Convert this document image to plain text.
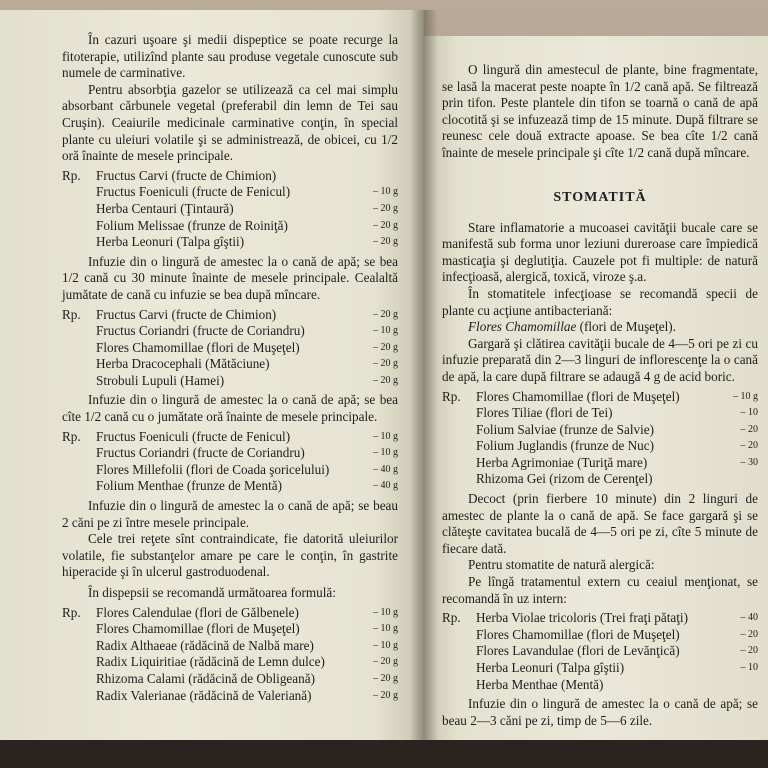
În cazuri uşoare şi medii dispeptice se poate recurge la fitoterapie, utilizînd plante sau produse vegetale cunoscute sub numele de carminative.

Pentru absorbţia gazelor se utilizează ca cel mai simplu absorbant cărbunele vegetal (preferabil din lemn de Tei sau Cruşin). Ceaiurile medicinale carminative conţin, în special plante cu uleiuri volatile şi se administrează, de obicei, cu 1/2 oră înainte de mesele principale.

Rp.	Fructus Carvi (fructe de Chimion)
Fructus Foeniculi (fructe de Fenicul)	– 10 g
Herba Centauri (Ţintaură)	– 20 g
Folium Melissae (frunze de Roiniţă)	– 20 g
Herba Leonuri (Talpa gîştii)	– 20 g

Infuzie din o lingură de amestec la o cană de apă; se bea 1/2 cană cu 30 minute înainte de mesele principale. Cealaltă jumătate de cană cu infuzie se bea după mîncare.

Rp.	Fructus Carvi (fructe de Chimion)	– 20 g
Fructus Coriandri (fructe de Coriandru)	– 10 g
Flores Chamomillae (flori de Muşeţel)	– 20 g
Herba Dracocephali (Mătăciune)	– 20 g
Strobuli Lupuli (Hamei)	– 20 g

Infuzie din o lingură de amestec la o cană de apă; se bea cîte 1/2 cană cu o jumătate oră înainte de mesele principale.

Rp.	Fructus Foeniculi (fructe de Fenicul)	– 10 g
Fructus Coriandri (fructe de Coriandru)	– 10 g
Flores Millefolii (flori de Coada şoricelului)	– 40 g
Folium Menthae (frunze de Mentă)	– 40 g

Infuzie din o lingură de amestec la o cană de apă; se beau 2 căni pe zi între mesele principale.

Cele trei reţete sînt contraindicate, fie datorită uleiurilor volatile, fie substanţelor amare pe care le conţin, în gastrite hiperacide şi în ulcerul gastroduodenal.

În dispepsii se recomandă următoarea formulă:

Rp.	Flores Calendulae (flori de Gălbenele)	– 10 g
Flores Chamomillae (flori de Muşeţel)	– 10 g
Radix Althaeae (rădăcină de Nalbă mare)	– 10 g
Radix Liquiritiae (rădăcină de Lemn dulce)	– 20 g
Rhizoma Calami (rădăcină de Obligeană)	– 20 g
Radix Valerianae (rădăcină de Valeriană)	– 20 g

O lingură din amestecul de plante, bine fragmentate, se lasă la macerat peste noapte în 1/2 cană apă. Se filtrează prin tifon. Peste plantele din tifon se toarnă o cană de apă clocotită şi se infuzează timp de 15 minute. După filtrare se reunesc cele două extracte apoase. Se bea cîte 1/2 cană înainte de mesele principale şi cîte 1/2 cană după mîncare.

STOMATITĂ

Stare inflamatorie a mucoasei cavităţii bucale care se manifestă sub forma unor leziuni dureroase care împiedică masticaţia şi deglutiţia. Cauzele pot fi multiple: de natură infecţioasă, alergică, toxică, viroze ş.a.

În stomatitele infecţioase se recomandă specii de plante cu acţiune antibacteriană:

Flores Chamomillae (flori de Muşeţel).

Gargară şi clătirea cavităţii bucale de 4—5 ori pe zi cu infuzie preparată din 2—3 linguri de inflorescenţe la o cană de apă, la care după filtrare se adaugă 4 g de acid boric.

Rp.	Flores Chamomillae (flori de Muşeţel)	– 10 g
Flores Tiliae (flori de Tei)	– 10
Folium Salviae (frunze de Salvie)	– 20
Folium Juglandis (frunze de Nuc)	– 20
Herba Agrimoniae (Turiţă mare)	– 30
Rhizoma Gei (rizom de Cerenţel)

Decoct (prin fierbere 10 minute) din 2 linguri de amestec de plante la o cană de apă. Se face gargară şi se clăteşte cavitatea bucală de 4—5 ori pe zi, cîte 5 minute de fiecare dată.

Pentru stomatite de natură alergică:

Pe lîngă tratamentul extern cu ceaiul menţionat, se recomandă în uz intern:

Rp.	Herba Violae tricoloris (Trei fraţi pătaţi)	– 40
Flores Chamomillae (flori de Muşeţel)	– 20
Flores Lavandulae (flori de Levănţică)	– 20
Herba Leonuri (Talpa gîştii)	– 10
Herba Menthae (Mentă)

Infuzie din o lingură de amestec la o cană de apă; se beau 2—3 căni pe zi, timp de 5—6 zile.
